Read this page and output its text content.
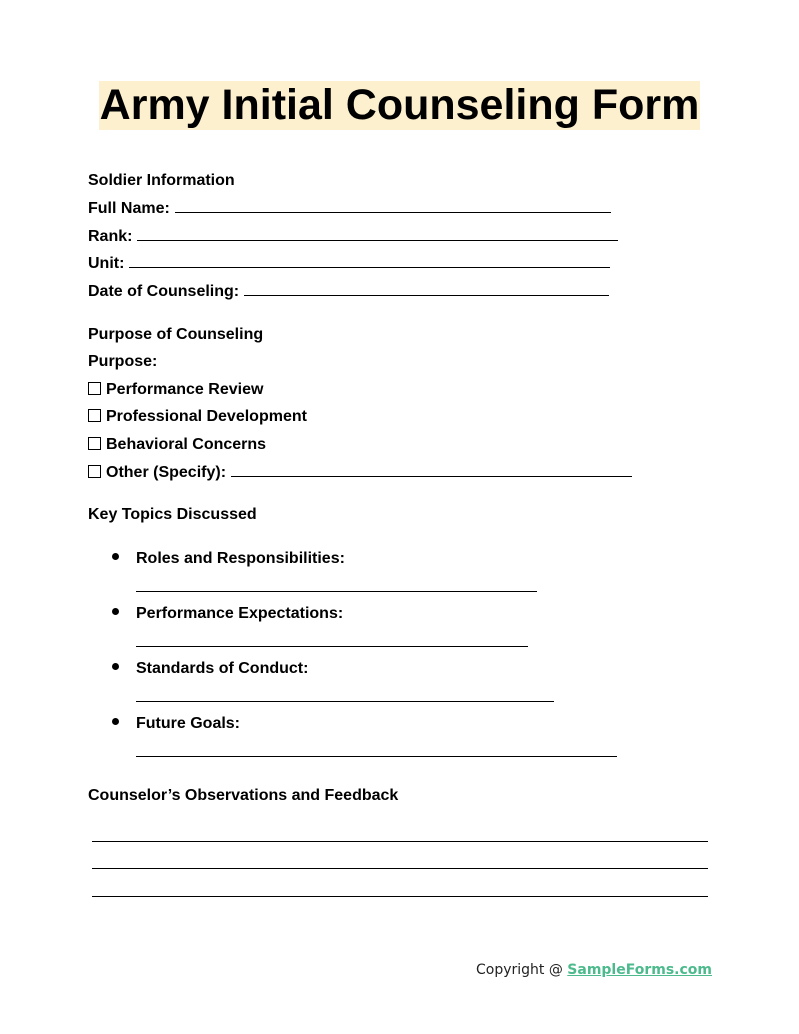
Army Initial Counseling Form
Soldier Information
Full Name:
Rank:
Unit:
Date of Counseling:
Purpose of Counseling
Purpose:
Performance Review
Professional Development
Behavioral Concerns
Other (Specify):
Key Topics Discussed
Roles and Responsibilities:
Performance Expectations:
Standards of Conduct:
Future Goals:
Counselor’s Observations and Feedback
Copyright @ SampleForms.com
